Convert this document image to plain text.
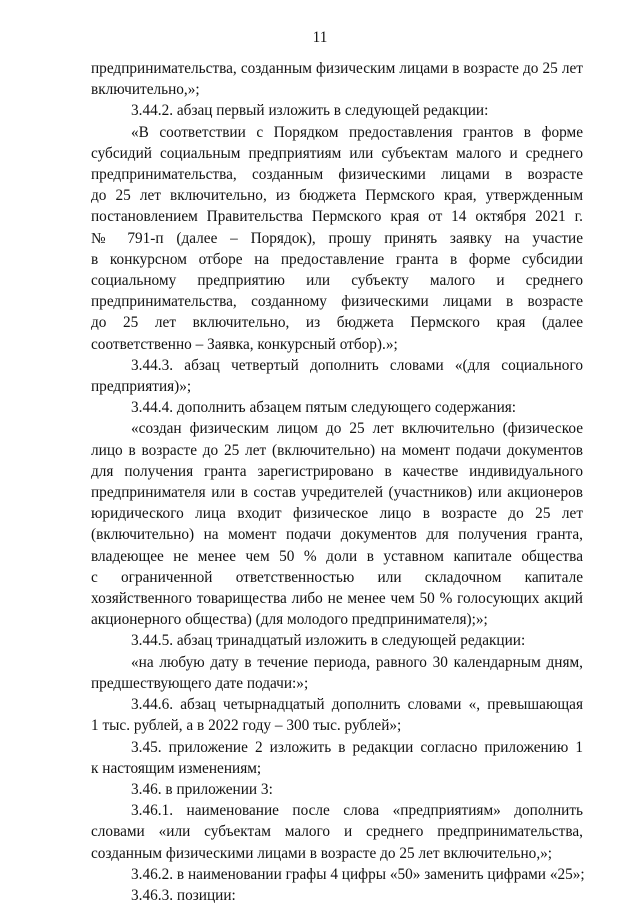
11
предпринимательства, созданным физическим лицами в возрасте до 25 лет
включительно,»;
3.44.2. абзац первый изложить в следующей редакции:
«В соответствии с Порядком предоставления грантов в форме
субсидий социальным предприятиям или субъектам малого и среднего
предпринимательства, созданным физическими лицами в возрасте
до 25 лет включительно, из бюджета Пермского края, утвержденным
постановлением Правительства Пермского края от 14 октября 2021 г.
№ 791-п (далее – Порядок), прошу принять заявку на участие
в конкурсном отборе на предоставление гранта в форме субсидии
социальному предприятию или субъекту малого и среднего
предпринимательства, созданному физическими лицами в возрасте
до 25 лет включительно, из бюджета Пермского края (далее
соответственно – Заявка, конкурсный отбор).»;
3.44.3. абзац четвертый дополнить словами «(для социального
предприятия)»;
3.44.4. дополнить абзацем пятым следующего содержания:
«создан физическим лицом до 25 лет включительно (физическое
лицо в возрасте до 25 лет (включительно) на момент подачи документов
для получения гранта зарегистрировано в качестве индивидуального
предпринимателя или в состав учредителей (участников) или акционеров
юридического лица входит физическое лицо в возрасте до 25 лет
(включительно) на момент подачи документов для получения гранта,
владеющее не менее чем 50 % доли в уставном капитале общества
с ограниченной ответственностью или складочном капитале
хозяйственного товарищества либо не менее чем 50 % голосующих акций
акционерного общества) (для молодого предпринимателя);»;
3.44.5. абзац тринадцатый изложить в следующей редакции:
«на любую дату в течение периода, равного 30 календарным дням,
предшествующего дате подачи:»;
3.44.6. абзац четырнадцатый дополнить словами «, превышающая
1 тыс. рублей, а в 2022 году – 300 тыс. рублей»;
3.45. приложение 2 изложить в редакции согласно приложению 1
к настоящим изменениям;
3.46. в приложении 3:
3.46.1. наименование после слова «предприятиям» дополнить
словами «или субъектам малого и среднего предпринимательства,
созданным физическими лицами в возрасте до 25 лет включительно,»;
3.46.2. в наименовании графы 4 цифры «50» заменить цифрами «25»;
3.46.3. позиции:
